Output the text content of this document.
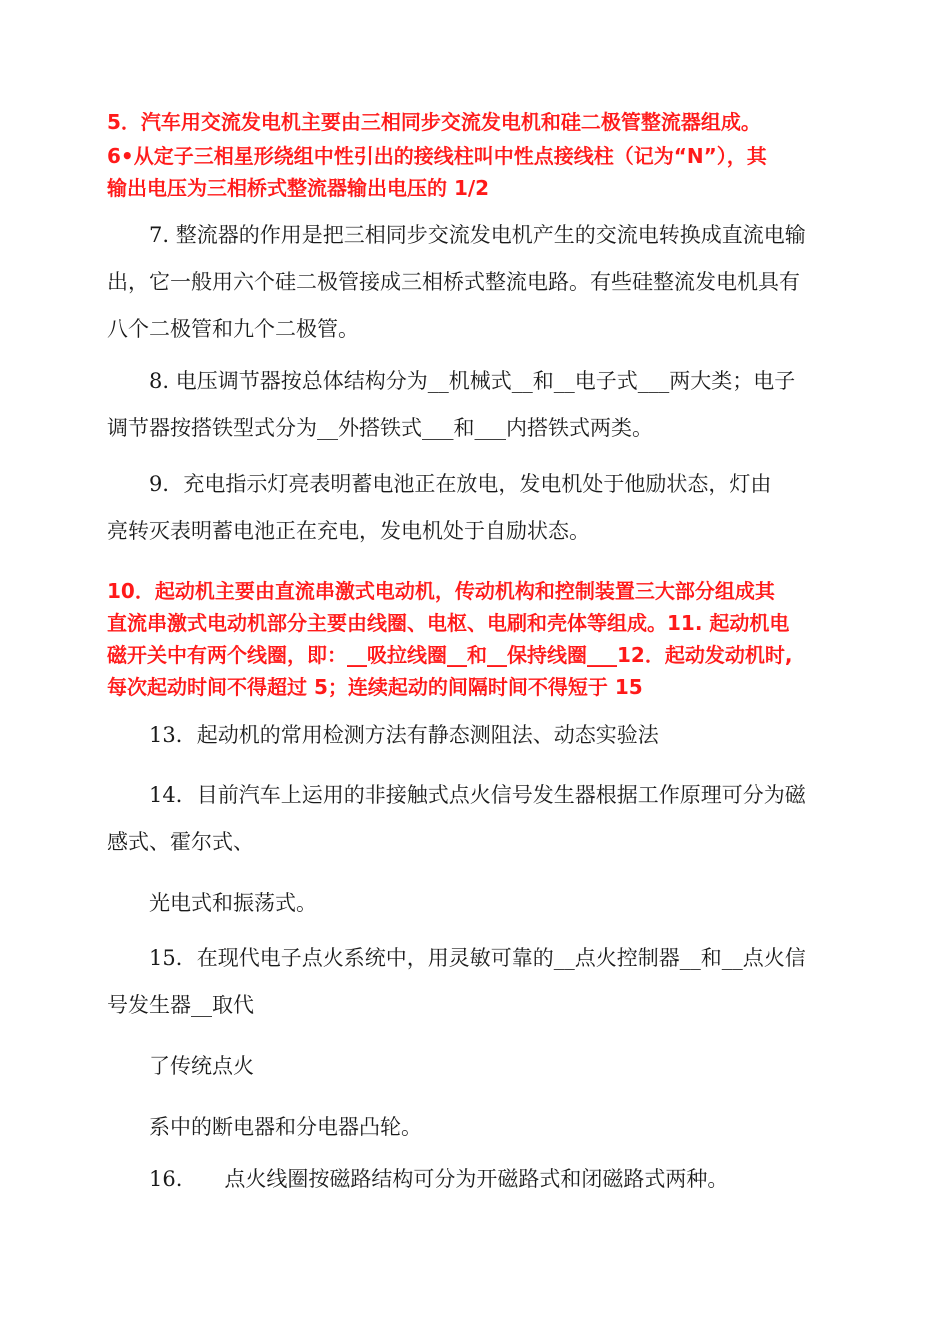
5．汽车用交流发电机主要由三相同步交流发电机和硅二极管整流器组成。
6•从定子三相星形绕组中性引出的接线柱叫中性点接线柱（记为“N”），其
输出电压为三相桥式整流器输出电压的 1/2
　　7. 整流器的作用是把三相同步交流发电机产生的交流电转换成直流电输
出，它一般用六个硅二极管接成三相桥式整流电路。有些硅整流发电机具有
八个二极管和九个二极管。
　　8. 电压调节器按总体结构分为__机械式__和__电子式___两大类；电子
调节器按搭铁型式分为__外搭铁式___和___内搭铁式两类。
　　9．充电指示灯亮表明蓄电池正在放电，发电机处于他励状态，灯由
亮转灭表明蓄电池正在充电，发电机处于自励状态。
10．起动机主要由直流串激式电动机，传动机构和控制装置三大部分组成其
直流串激式电动机部分主要由线圈、电枢、电刷和壳体等组成。11. 起动机电
磁开关中有两个线圈，即：__吸拉线圈__和__保持线圈___12．起动发动机时,
每次起动时间不得超过 5；连续起动的间隔时间不得短于 15
　　13．起动机的常用检测方法有静态测阻法、动态实验法
　　14．目前汽车上运用的非接触式点火信号发生器根据工作原理可分为磁
感式、霍尔式、
　　光电式和振荡式。
　　15．在现代电子点火系统中，用灵敏可靠的__点火控制器__和__点火信
号发生器__取代
　　了传统点火
　　系中的断电器和分电器凸轮。
　　16.　　点火线圈按磁路结构可分为开磁路式和闭磁路式两种。
